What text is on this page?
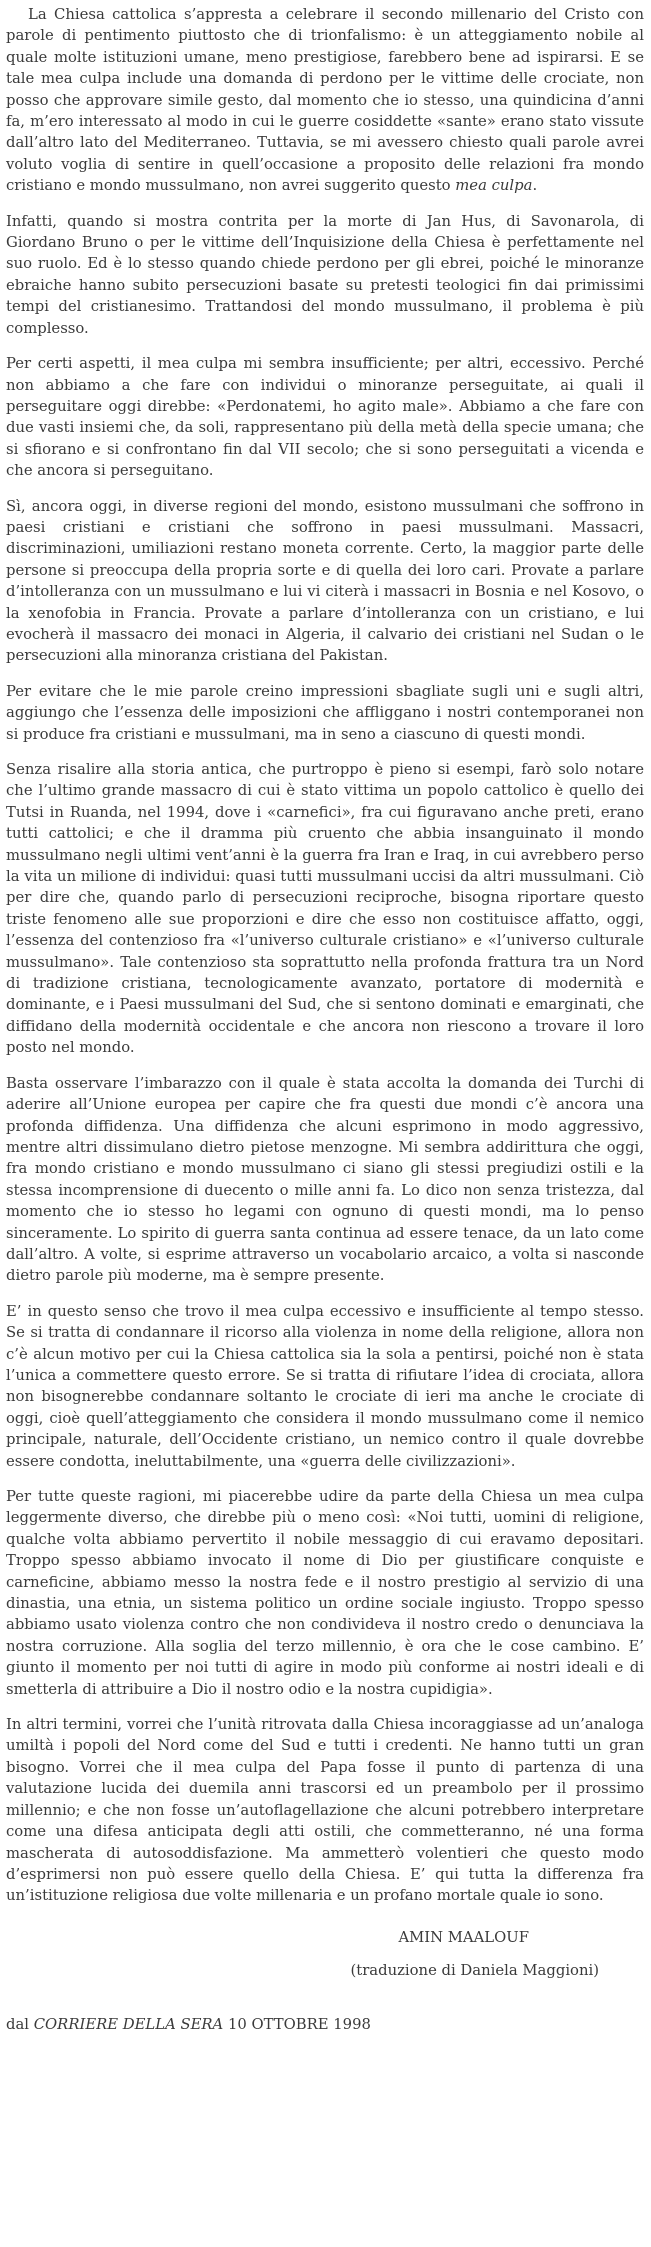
La Chiesa cattolica s’appresta a celebrare il secondo millenario del Cristo con parole di pentimento piuttosto che di trionfalismo: è un atteggiamento nobile al quale molte istituzioni umane, meno prestigiose, farebbero bene ad ispirarsi. E se tale mea culpa include una domanda di perdono per le vittime delle crociate, non posso che approvare simile gesto, dal momento che io stesso, una quindicina d’anni fa, m’ero interessato al modo in cui le guerre cosiddette «sante» erano stato vissute dall’altro lato del Mediterraneo. Tuttavia, se mi avessero chiesto quali parole avrei voluto voglia di sentire in quell’occasione a proposito delle relazioni fra mondo cristiano e mondo mussulmano, non avrei suggerito questo mea culpa.

Infatti, quando si mostra contrita per la morte di Jan Hus, di Savonarola, di Giordano Bruno o per le vittime dell’Inquisizione della Chiesa è perfettamente nel suo ruolo. Ed è lo stesso quando chiede perdono per gli ebrei, poiché le minoranze ebraiche hanno subito persecuzioni basate su pretesti teologici fin dai primissimi tempi del cristianesimo. Trattandosi del mondo mussulmano, il problema è più complesso.

Per certi aspetti, il mea culpa mi sembra insufficiente; per altri, eccessivo. Perché non abbiamo a che fare con individui o minoranze perseguitate, ai quali il perseguitare oggi direbbe: «Perdonatemi, ho agito male». Abbiamo a che fare con due vasti insiemi che, da soli, rappresentano più della metà della specie umana; che si sfiorano e si confrontano fin dal VII secolo; che si sono perseguitati a vicenda e che ancora si perseguitano.

Sì, ancora oggi, in diverse regioni del mondo, esistono mussulmani che soffrono in paesi cristiani e cristiani che soffrono in paesi mussulmani. Massacri, discriminazioni, umiliazioni restano moneta corrente. Certo, la maggior parte delle persone si preoccupa della propria sorte e di quella dei loro cari. Provate a parlare d’intolleranza con un mussulmano e lui vi citerà i massacri in Bosnia e nel Kosovo, o la xenofobia in Francia. Provate a parlare d’intolleranza con un cristiano, e lui evocherà il massacro dei monaci in Algeria, il calvario dei cristiani nel Sudan o le persecuzioni alla minoranza cristiana del Pakistan.

Per evitare che le mie parole creino impressioni sbagliate sugli uni e sugli altri, aggiungo che l’essenza delle imposizioni che affliggano i nostri contemporanei non si produce fra cristiani e mussulmani, ma in seno a ciascuno di questi mondi.

Senza risalire alla storia antica, che purtroppo è pieno si esempi, farò solo notare che l’ultimo grande massacro di cui è stato vittima un popolo cattolico è quello dei Tutsi in Ruanda, nel 1994, dove i «carnefici», fra cui figuravano anche preti, erano tutti cattolici; e che il dramma più cruento che abbia insanguinato il mondo mussulmano negli ultimi vent’anni è la guerra fra Iran e Iraq, in cui avrebbero perso la vita un milione di individui: quasi tutti mussulmani uccisi da altri mussulmani. Ciò per dire che, quando parlo di persecuzioni reciproche, bisogna riportare questo triste fenomeno alle sue proporzioni e dire che esso non costituisce affatto, oggi, l’essenza del contenzioso fra «l’universo culturale cristiano» e «l’universo culturale mussulmano». Tale contenzioso sta soprattutto nella profonda frattura tra un Nord di tradizione cristiana, tecnologicamente avanzato, portatore di modernità e dominante, e i Paesi mussulmani del Sud, che si sentono dominati e emarginati, che diffidano della modernità occidentale e che ancora non riescono a trovare il loro posto nel mondo.

Basta osservare l’imbarazzo con il quale è stata accolta la domanda dei Turchi di aderire all’Unione europea per capire che fra questi due mondi c’è ancora una profonda diffidenza. Una diffidenza che alcuni esprimono in modo aggressivo, mentre altri dissimulano dietro pietose menzogne. Mi sembra addirittura che oggi, fra mondo cristiano e mondo mussulmano ci siano gli stessi pregiudizi ostili e la stessa incomprensione di duecento o mille anni fa. Lo dico non senza tristezza, dal momento che io stesso ho legami con ognuno di questi mondi, ma lo penso sinceramente. Lo spirito di guerra santa continua ad essere tenace, da un lato come dall’altro. A volte, si esprime attraverso un vocabolario arcaico, a volta si nasconde dietro parole più moderne, ma è sempre presente.

E’ in questo senso che trovo il mea culpa eccessivo e insufficiente al tempo stesso. Se si tratta di condannare il ricorso alla violenza in nome della religione, allora non c’è alcun motivo per cui la Chiesa cattolica sia la sola a pentirsi, poiché non è stata l’unica a commettere questo errore. Se si tratta di rifiutare l’idea di crociata, allora non bisognerebbe condannare soltanto le crociate di ieri ma anche le crociate di oggi, cioè quell’atteggiamento che considera il mondo mussulmano come il nemico principale, naturale, dell’Occidente cristiano, un nemico contro il quale dovrebbe essere condotta, ineluttabilmente, una «guerra delle civilizzazioni».

Per tutte queste ragioni, mi piacerebbe udire da parte della Chiesa un mea culpa leggermente diverso, che direbbe più o meno così: «Noi tutti, uomini di religione, qualche volta abbiamo pervertito il nobile messaggio di cui eravamo depositari. Troppo spesso abbiamo invocato il nome di Dio per giustificare conquiste e carneficine, abbiamo messo la nostra fede e il nostro prestigio al servizio di una dinastia, una etnia, un sistema politico un ordine sociale ingiusto. Troppo spesso abbiamo usato violenza contro che non condivideva il nostro credo o denunciava la nostra corruzione. Alla soglia del terzo millennio, è ora che le cose cambino. E’ giunto il momento per noi tutti di agire in modo più conforme ai nostri ideali e di smetterla di attribuire a Dio il nostro odio e la nostra cupidigia».

In altri termini, vorrei che l’unità ritrovata dalla Chiesa incoraggiasse ad un’analoga umiltà i popoli del Nord come del Sud e tutti i credenti. Ne hanno tutti un gran bisogno. Vorrei che il mea culpa del Papa fosse il punto di partenza di una valutazione lucida dei duemila anni trascorsi ed un preambolo per il prossimo millennio; e che non fosse un’autoflagellazione che alcuni potrebbero interpretare come una difesa anticipata degli atti ostili, che commetteranno, né una forma mascherata di autosoddisfazione. Ma ammetterò volentieri che questo modo d’esprimersi non può essere quello della Chiesa. E’ qui tutta la differenza fra un’istituzione religiosa due volte millenaria e un profano mortale quale io sono.

AMIN MAALOUF

(traduzione di Daniela Maggioni)

dal CORRIERE DELLA SERA 10 OTTOBRE 1998
